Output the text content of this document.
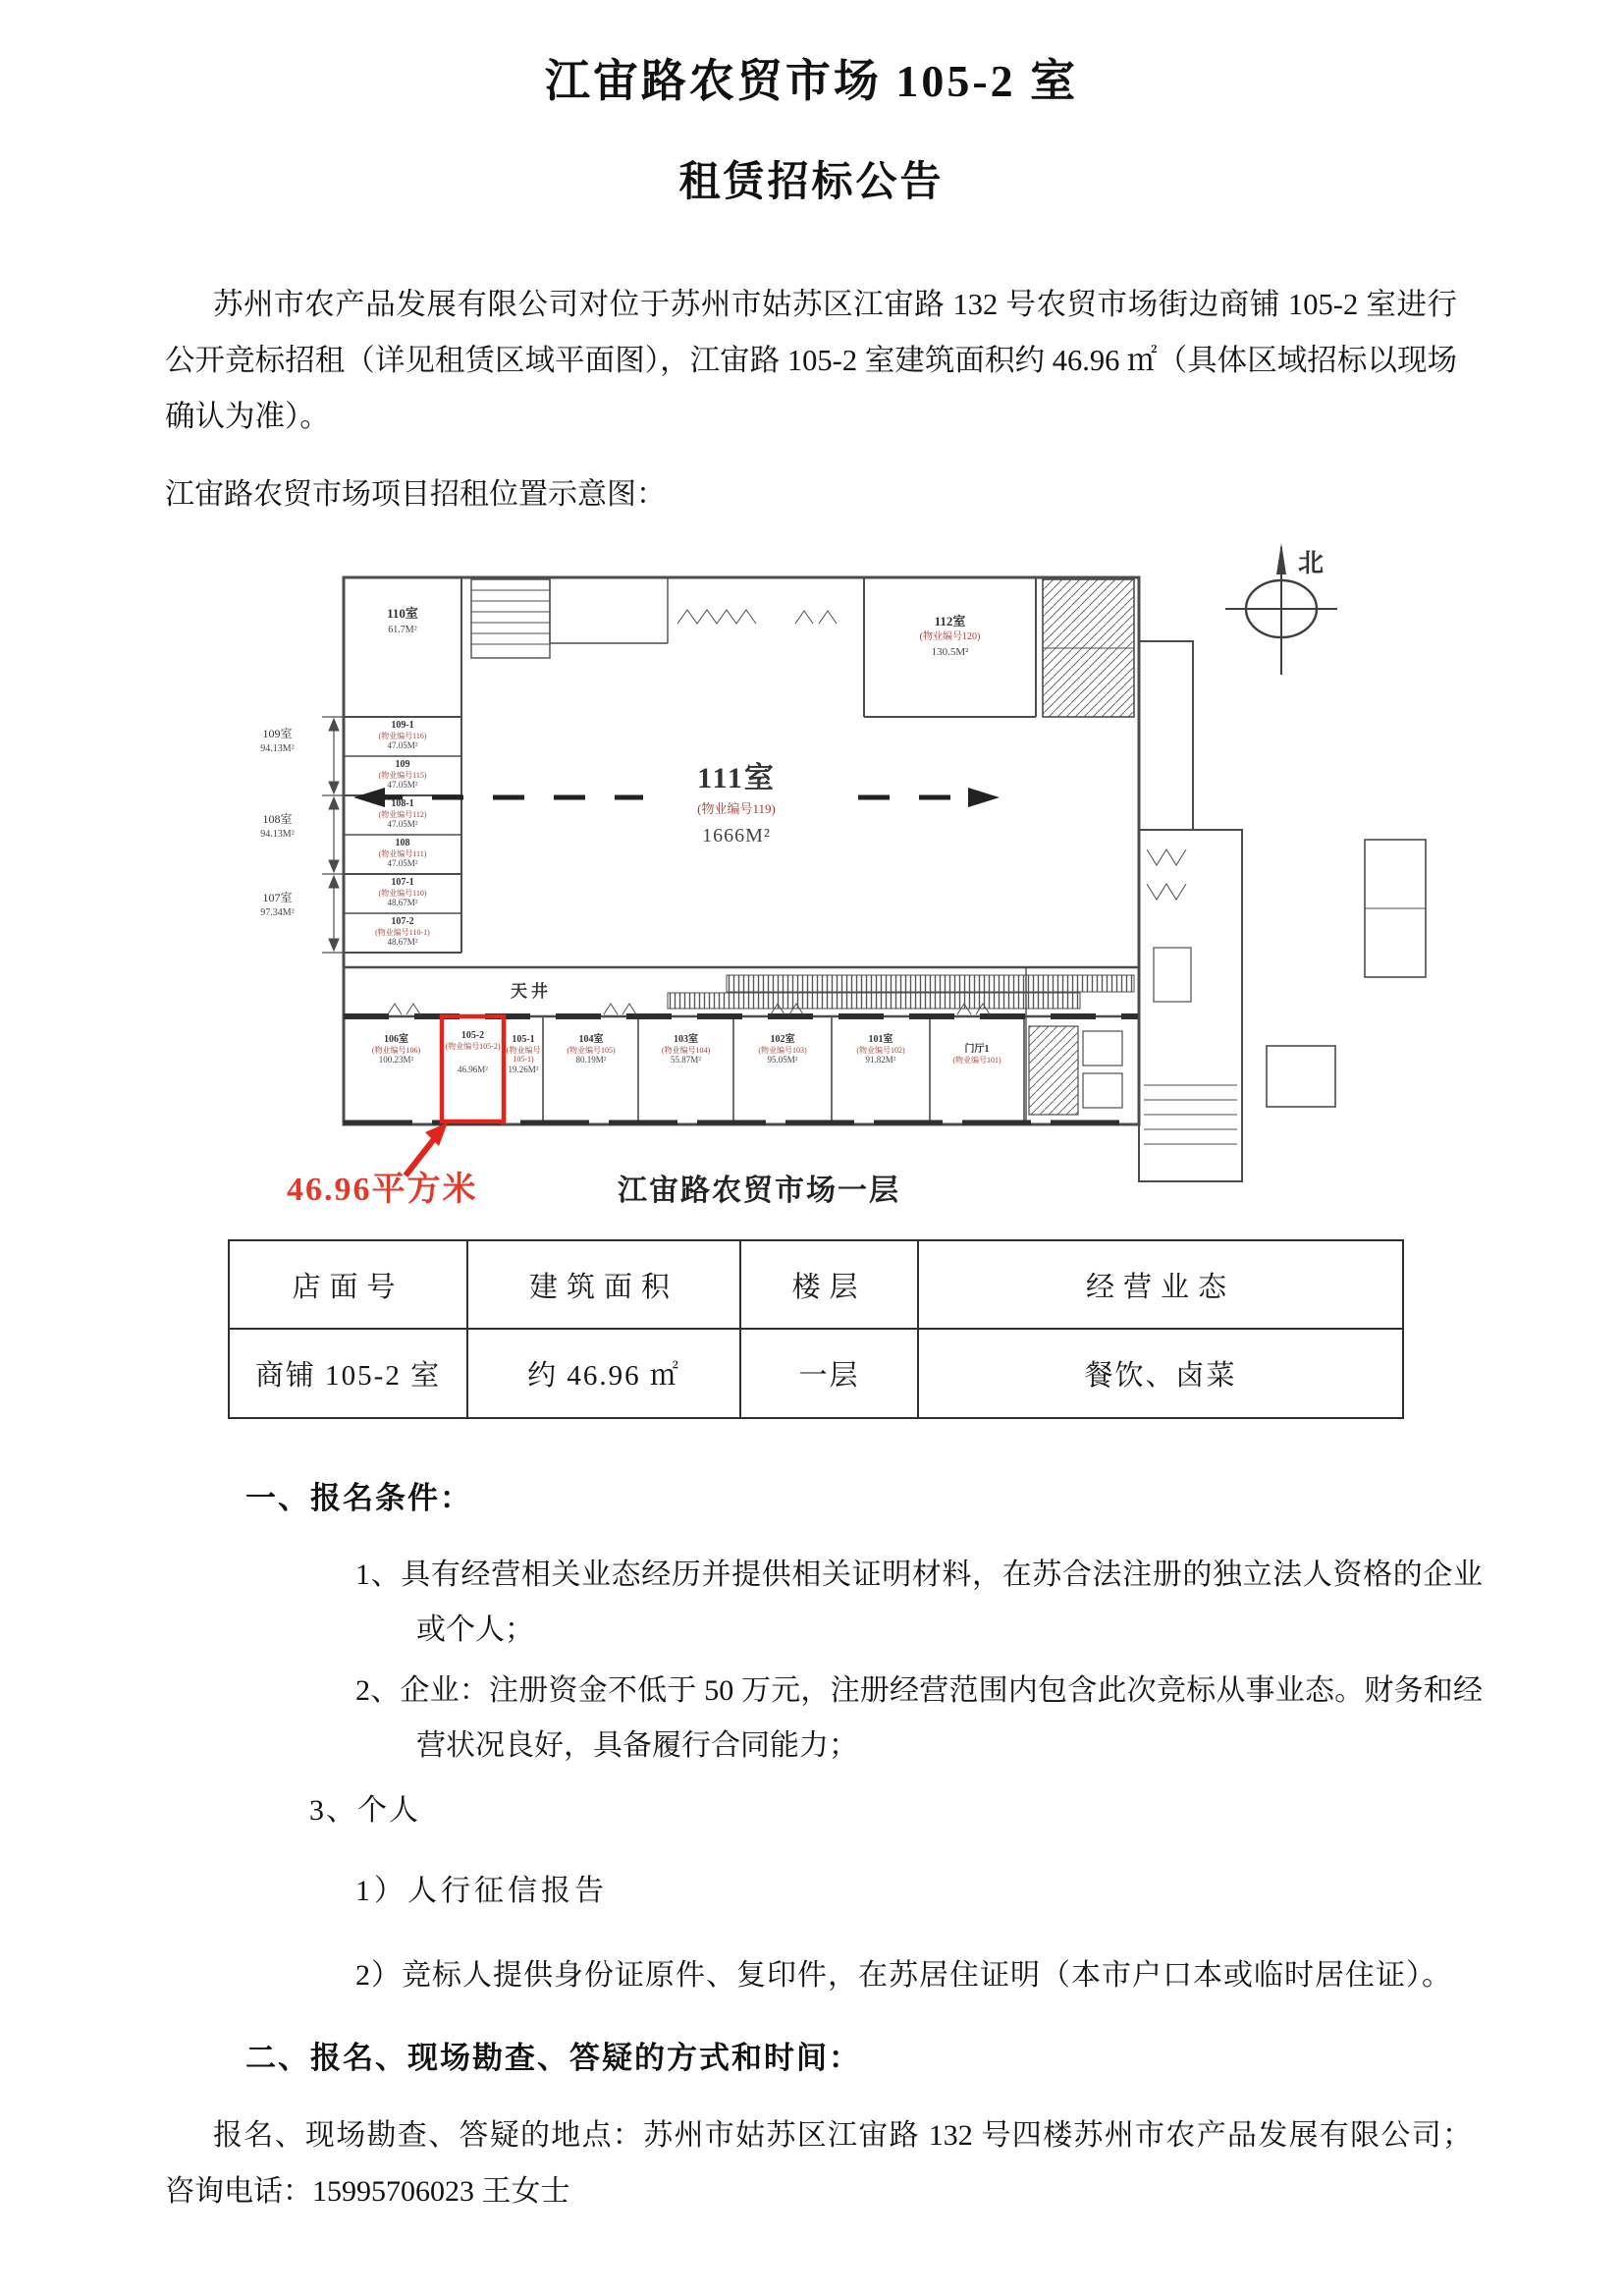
江宙路农贸市场 105-2 室
租赁招标公告
苏州市农产品发展有限公司对位于苏州市姑苏区江宙路 132 号农贸市场街边商铺 105-2 室进行公开竞标招租（详见租赁区域平面图），江宙路 105-2 室建筑面积约 46.96 ㎡（具体区域招标以现场确认为准）。
江宙路农贸市场项目招租位置示意图：
北
110室
61.7M²
109-1
(物业编号116)
47.05M²
109
(物业编号115)
47.05M²
108-1
(物业编号112)
47.05M²
108
(物业编号111)
47.05M²
107-1
(物业编号110)
48.67M²
107-2
(物业编号110-1)
48.67M²
109室
94.13M²
108室
94.13M²
107室
97.34M²
111室
(物业编号119)
1666M²
112室
(物业编号120)
130.5M²
天井
106室
(物业编号106)
100.23M²
105-2
(物业编号105-2)
46.96M²
105-1
(物业编号105-1)
19.26M²
104室
(物业编号105)
80.19M²
103室
(物业编号104)
55.87M²
102室
(物业编号103)
95.05M²
101室
(物业编号102)
91.82M²
门厅1
(物业编号101)
46.96平方米	江宙路农贸市场一层
店面号	建筑面积	楼层	经营业态
商铺 105-2 室	约 46.96 ㎡	一层	餐饮、卤菜
一、报名条件：
1、具有经营相关业态经历并提供相关证明材料，在苏合法注册的独立法人资格的企业或个人；
2、企业：注册资金不低于 50 万元，注册经营范围内包含此次竞标从事业态。财务和经营状况良好，具备履行合同能力；
3、个人
1）人行征信报告
2）竞标人提供身份证原件、复印件，在苏居住证明（本市户口本或临时居住证）。
二、报名、现场勘查、答疑的方式和时间：
报名、现场勘查、答疑的地点：苏州市姑苏区江宙路 132 号四楼苏州市农产品发展有限公司；　咨询电话：15995706023 王女士
